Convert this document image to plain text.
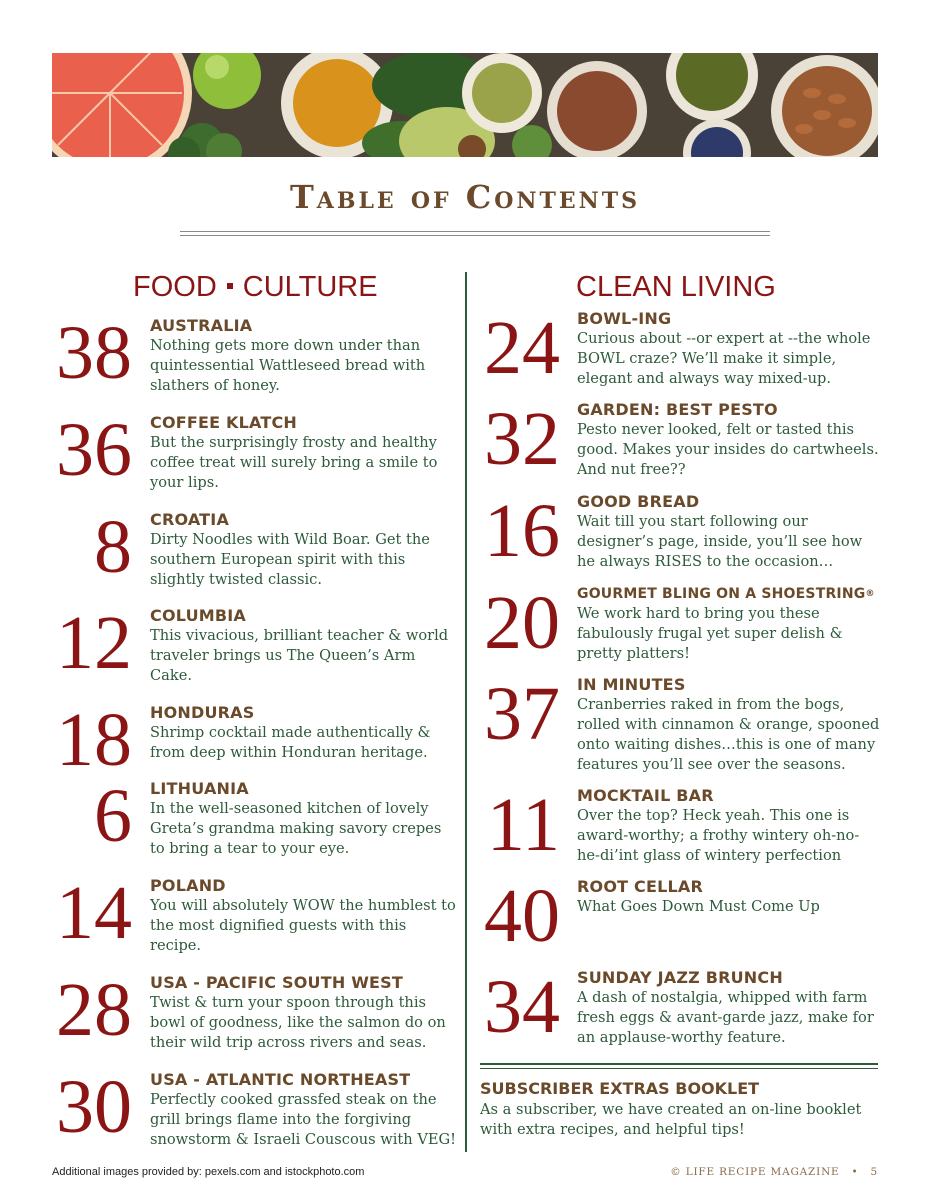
Table of Contents
FOOD CULTURE
38 AUSTRALIA
Nothing gets more down under than quintessential Wattleseed bread with slathers of honey.
36 COFFEE KLATCH
But the surprisingly frosty and healthy coffee treat will surely bring a smile to your lips.
8 CROATIA
Dirty Noodles with Wild Boar. Get the southern European spirit with this slightly twisted classic.
12 COLUMBIA
This vivacious, brilliant teacher & world traveler brings us The Queen’s Arm Cake.
18 HONDURAS
Shrimp cocktail made authentically & from deep within Honduran heritage.
6 LITHUANIA
In the well-seasoned kitchen of lovely Greta’s grandma making savory crepes to bring a tear to your eye.
14 POLAND
You will absolutely WOW the humblest to the most dignified guests with this recipe.
28 USA - PACIFIC SOUTH WEST
Twist & turn your spoon through this bowl of goodness, like the salmon do on their wild trip across rivers and seas.
30 USA - ATLANTIC NORTHEAST
Perfectly cooked grassfed steak on the grill brings flame into the forgiving snowstorm & Israeli Couscous with VEG!
CLEAN LIVING
24 BOWL-ING
Curious about --or expert at --the whole BOWL craze? We’ll make it simple, elegant and always way mixed-up.
32 GARDEN: BEST PESTO
Pesto never looked, felt or tasted this good. Makes your insides do cartwheels. And nut free??
16 GOOD BREAD
Wait till you start following our designer’s page, inside, you’ll see how he always RISES to the occasion…
20 GOURMET BLING ON A SHOESTRING®
We work hard to bring you these fabulously frugal yet super delish & pretty platters!
37 IN MINUTES
Cranberries raked in from the bogs, rolled with cinnamon & orange, spooned onto waiting dishes…this is one of many features you’ll see over the seasons.
11 MOCKTAIL BAR
Over the top? Heck yeah. This one is award-worthy; a frothy wintery oh-no-he-di’int glass of wintery perfection
40 ROOT CELLAR
What Goes Down Must Come Up
34 SUNDAY JAZZ BRUNCH
A dash of nostalgia, whipped with farm fresh eggs & avant-garde jazz, make for an applause-worthy feature.
SUBSCRIBER EXTRAS BOOKLET
As a subscriber, we have created an on-line booklet with extra recipes, and helpful tips!
Additional images provided by: pexels.com and istockphoto.com	© LIFE RECIPE MAGAZINE • 5
